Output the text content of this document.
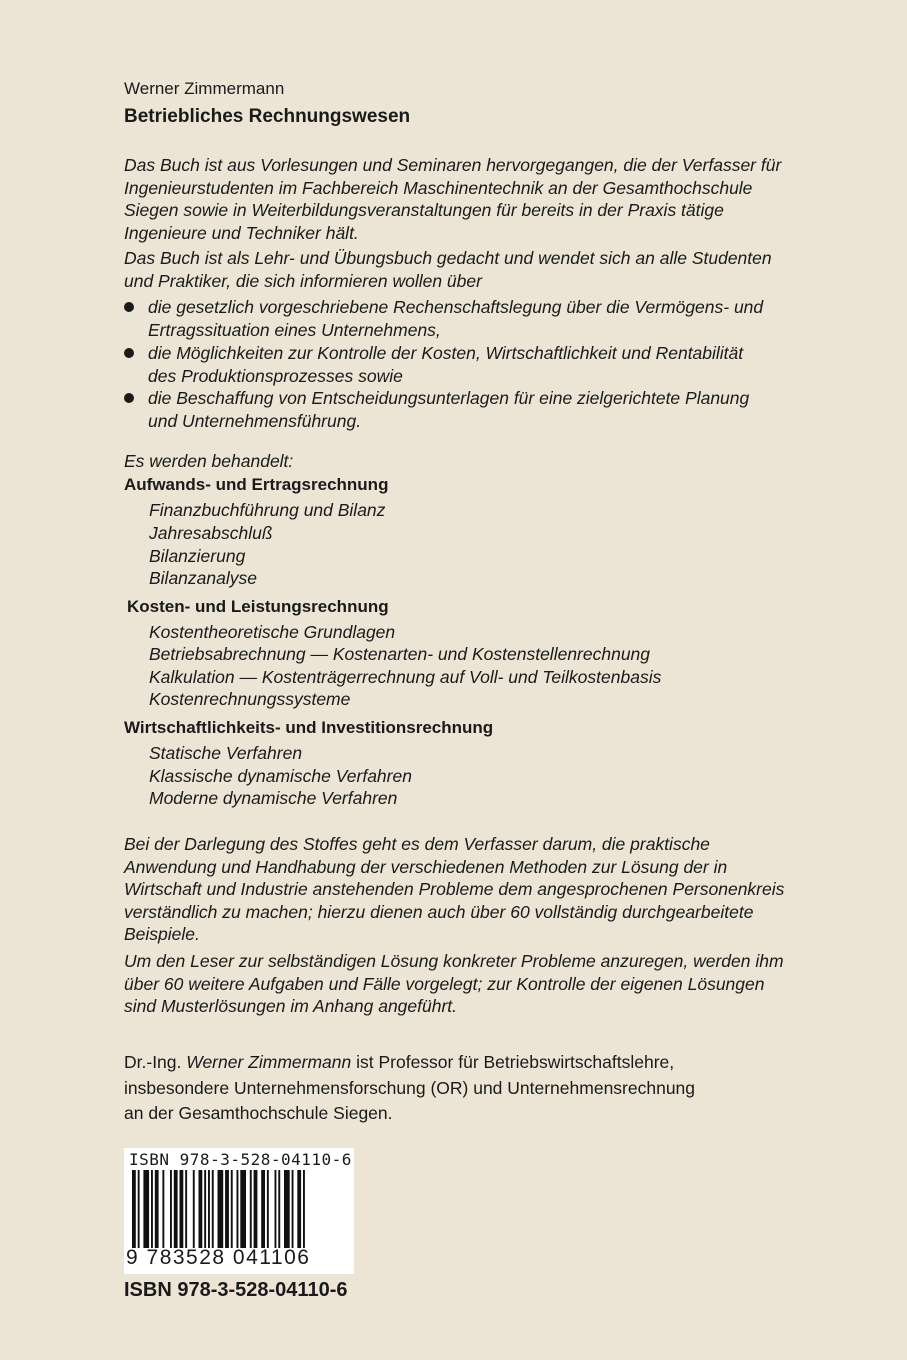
Werner Zimmermann
Betriebliches Rechnungswesen
Das Buch ist aus Vorlesungen und Seminaren hervorgegangen, die der Verfasser für
Ingenieurstudenten im Fachbereich Maschinentechnik an der Gesamthochschule
Siegen sowie in Weiterbildungsveranstaltungen für bereits in der Praxis tätige
Ingenieure und Techniker hält.
Das Buch ist als Lehr- und Übungsbuch gedacht und wendet sich an alle Studenten
und Praktiker, die sich informieren wollen über
die gesetzlich vorgeschriebene Rechenschaftslegung über die Vermögens- und
Ertragssituation eines Unternehmens,
die Möglichkeiten zur Kontrolle der Kosten, Wirtschaftlichkeit und Rentabilität
des Produktionsprozesses sowie
die Beschaffung von Entscheidungsunterlagen für eine zielgerichtete Planung
und Unternehmensführung.
Es werden behandelt:
Aufwands- und Ertragsrechnung
Finanzbuchführung und Bilanz
Jahresabschluß
Bilanzierung
Bilanzanalyse
Kosten- und Leistungsrechnung
Kostentheoretische Grundlagen
Betriebsabrechnung — Kostenarten- und Kostenstellenrechnung
Kalkulation — Kostenträgerrechnung auf Voll- und Teilkostenbasis
Kostenrechnungssysteme
Wirtschaftlichkeits- und Investitionsrechnung
Statische Verfahren
Klassische dynamische Verfahren
Moderne dynamische Verfahren
Bei der Darlegung des Stoffes geht es dem Verfasser darum, die praktische
Anwendung und Handhabung der verschiedenen Methoden zur Lösung der in
Wirtschaft und Industrie anstehenden Probleme dem angesprochenen Personenkreis
verständlich zu machen; hierzu dienen auch über 60 vollständig durchgearbeitete
Beispiele.
Um den Leser zur selbständigen Lösung konkreter Probleme anzuregen, werden ihm
über 60 weitere Aufgaben und Fälle vorgelegt; zur Kontrolle der eigenen Lösungen
sind Musterlösungen im Anhang angeführt.
Dr.-Ing. Werner Zimmermann ist Professor für Betriebswirtschaftslehre,
insbesondere Unternehmensforschung (OR) und Unternehmensrechnung
an der Gesamthochschule Siegen.
ISBN 978-3-528-04110-6
9 783528 041106
ISBN 978-3-528-04110-6
